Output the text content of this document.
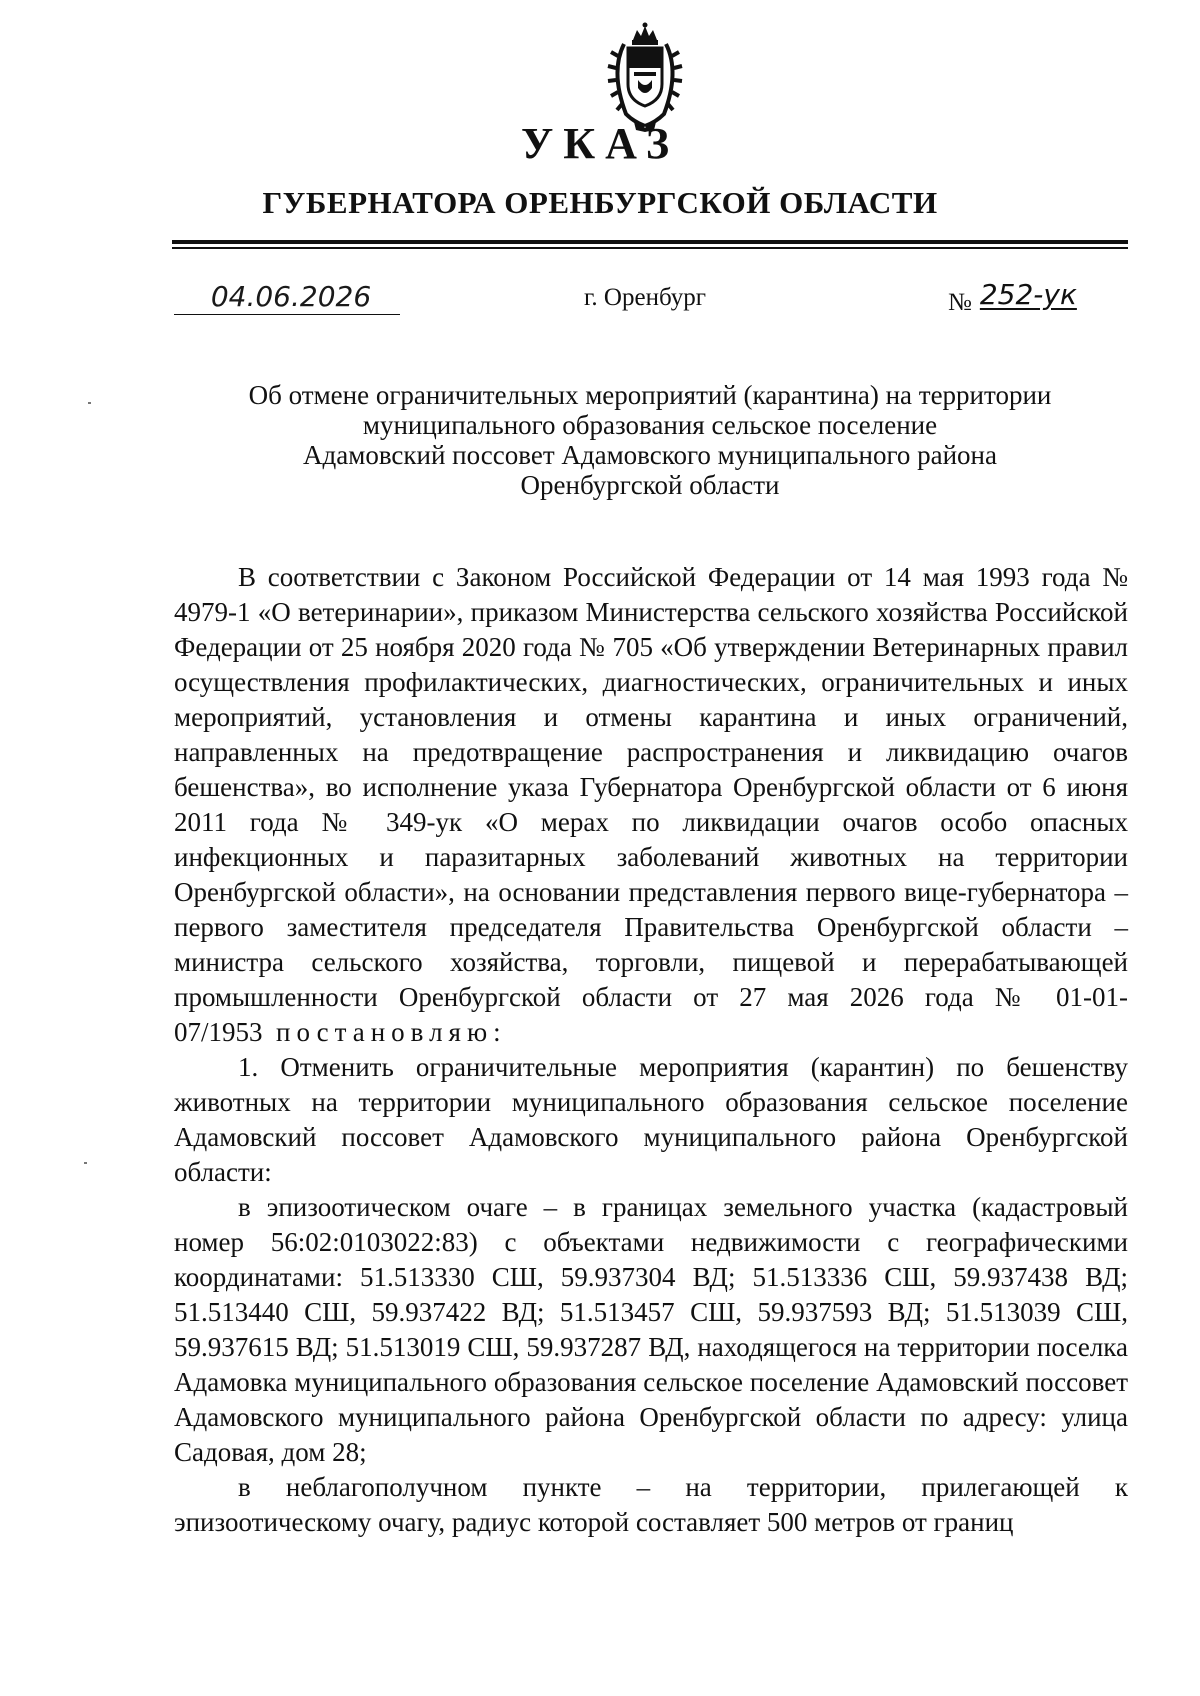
УКАЗ
ГУБЕРНАТОРА ОРЕНБУРГСКОЙ ОБЛАСТИ
04.06.2026	г. Оренбург	№ 252-ук
Об отмене ограничительных мероприятий (карантина) на территории
муниципального образования сельское поселение
Адамовский поссовет Адамовского муниципального района
Оренбургской области

В соответствии с Законом Российской Федерации от 14 мая 1993 года № 4979-1 «О ветеринарии», приказом Министерства сельского хозяйства Российской Федерации от 25 ноября 2020 года № 705 «Об утверждении Ветеринарных правил осуществления профилактических, диагностических, ограничительных и иных мероприятий, установления и отмены карантина и иных ограничений, направленных на предотвращение распространения и ликвидацию очагов бешенства», во исполнение указа Губернатора Оренбургской области от 6 июня 2011 года № 349-ук «О мерах по ликвидации очагов особо опасных инфекционных и паразитарных заболеваний животных на территории Оренбургской области», на основании представления первого вице-губернатора – первого заместителя председателя Правительства Оренбургской области – министра сельского хозяйства, торговли, пищевой и перерабатывающей промышленности Оренбургской области от 27 мая 2026 года № 01-01-07/1953 постановляю:

1. Отменить ограничительные мероприятия (карантин) по бешенству животных на территории муниципального образования сельское поселение Адамовский поссовет Адамовского муниципального района Оренбургской области:

в эпизоотическом очаге – в границах земельного участка (кадастровый номер 56:02:0103022:83) с объектами недвижимости с географическими координатами: 51.513330 СШ, 59.937304 ВД; 51.513336 СШ, 59.937438 ВД; 51.513440 СШ, 59.937422 ВД; 51.513457 СШ, 59.937593 ВД; 51.513039 СШ, 59.937615 ВД; 51.513019 СШ, 59.937287 ВД, находящегося на территории поселка Адамовка муниципального образования сельское поселение Адамовский поссовет Адамовского муниципального района Оренбургской области по адресу: улица Садовая, дом 28;

в неблагополучном пункте – на территории, прилегающей к эпизоотическому очагу, радиус которой составляет 500 метров от границ
